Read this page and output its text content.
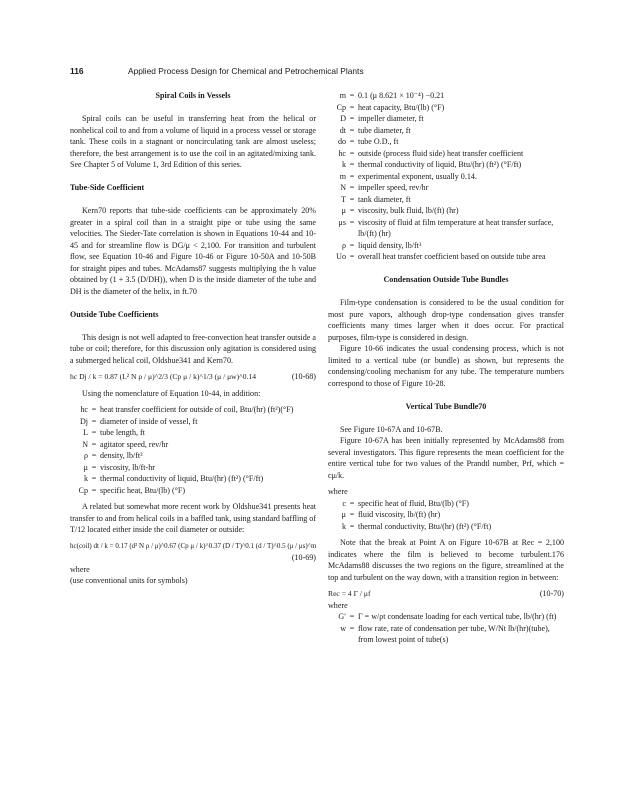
116	Applied Process Design for Chemical and Petrochemical Plants

Spiral Coils in Vessels

Spiral coils can be useful in transferring heat from the helical or nonhelical coil to and from a volume of liquid in a process vessel or storage tank. These coils in a stagnant or noncirculating tank are almost useless; therefore, the best arrangement is to use the coil in an agitated/mixing tank. See Chapter 5 of Volume 1, 3rd Edition of this series.

Tube-Side Coefficient

Kern70 reports that tube-side coefficients can be approximately 20% greater in a spiral coil than in a straight pipe or tube using the same velocities. The Sieder-Tate correlation is shown in Equations 10-44 and 10-45 and for streamline flow is DG/μ < 2,100. For transition and turbulent flow, see Equation 10-46 and Figure 10-46 or Figure 10-50A and 10-50B for straight pipes and tubes. McAdams87 suggests multiplying the h value obtained by (1 + 3.5 (D/DH)), when D is the inside diameter of the tube and DH is the diameter of the helix, in ft.70

Outside Tube Coefficients

This design is not well adapted to free-convection heat transfer outside a tube or coil; therefore, for this discussion only agitation is considered using a submerged helical coil, Oldshue341 and Kern70.

hc Dj / k = 0.87 (L² N ρ / μ)^2/3 (Cp μ / k)^1/3 (μ / μw)^0.14	(10-68)

Using the nomenclature of Equation 10-44, in addition:

hc = heat transfer coefficient for outside of coil, Btu/(hr) (ft²)(°F)
Dj = diameter of inside of vessel, ft
L = tube length, ft
N = agitator speed, rev/hr
ρ = density, lb/ft³
μ = viscosity, lb/ft-hr
k = thermal conductivity of liquid, Btu/(hr) (ft²) (°F/ft)
Cp = specific heat, Btu/(lb) (°F)

A related but somewhat more recent work by Oldshue341 presents heat transfer to and from helical coils in a baffled tank, using standard baffling of T/12 located either inside the coil diameter or outside:

hc(coil) dt / k = 0.17 (d² N ρ / μ)^0.67 (Cp μ / k)^0.37 (D / T)^0.1 (d / T)^0.5 (μ / μs)^m
(10-69)

where

(use conventional units for symbols)

m = 0.1 (μ 8.621 × 10⁻⁴) −0.21
Cp = heat capacity, Btu/(lb) (°F)
D = impeller diameter, ft
dt = tube diameter, ft
do = tube O.D., ft
hc = outside (process fluid side) heat transfer coefficient
k = thermal conductivity of liquid, Btu/(hr) (ft²) (°F/ft)
m = experimental exponent, usually 0.14.
N = impeller speed, rev/hr
T = tank diameter, ft
μ = viscosity, bulk fluid, lb/(ft) (hr)
μs = viscosity of fluid at film temperature at heat transfer surface, lb/(ft) (hr)
ρ = liquid density, lb/ft³
Uo = overall heat transfer coefficient based on outside tube area

Condensation Outside Tube Bundles

Film-type condensation is considered to be the usual condition for most pure vapors, although drop-type condensation gives transfer coefficients many times larger when it does occur. For practical purposes, film-type is considered in design.

Figure 10-66 indicates the usual condensing process, which is not limited to a vertical tube (or bundle) as shown, but represents the condensing/cooling mechanism for any tube. The temperature numbers correspond to those of Figure 10-28.

Vertical Tube Bundle70

See Figure 10-67A and 10-67B.

Figure 10-67A has been initially represented by McAdams88 from several investigators. This figure represents the mean coefficient for the entire vertical tube for two values of the Prandtl number, Prf, which = cμ/k.

where

c = specific heat of fluid, Btu/(lb) (°F)
μ = fluid viscosity, lb/(ft) (hr)
k = thermal conductivity, Btu/(hr) (ft²) (°F/ft)

Note that the break at Point A on Figure 10-67B at Rec = 2,100 indicates where the film is believed to become turbulent.176 McAdams88 discusses the two regions on the figure, streamlined at the top and turbulent on the way down, with a transition region in between:

Rec = 4 Γ / μf	(10-70)

where

G′ = Γ = w/ρt condensate loading for each vertical tube, lb/(hr) (ft)
w = flow rate, rate of condensation per tube, W/Nt lb/(hr)(tube), from lowest point of tube(s)
